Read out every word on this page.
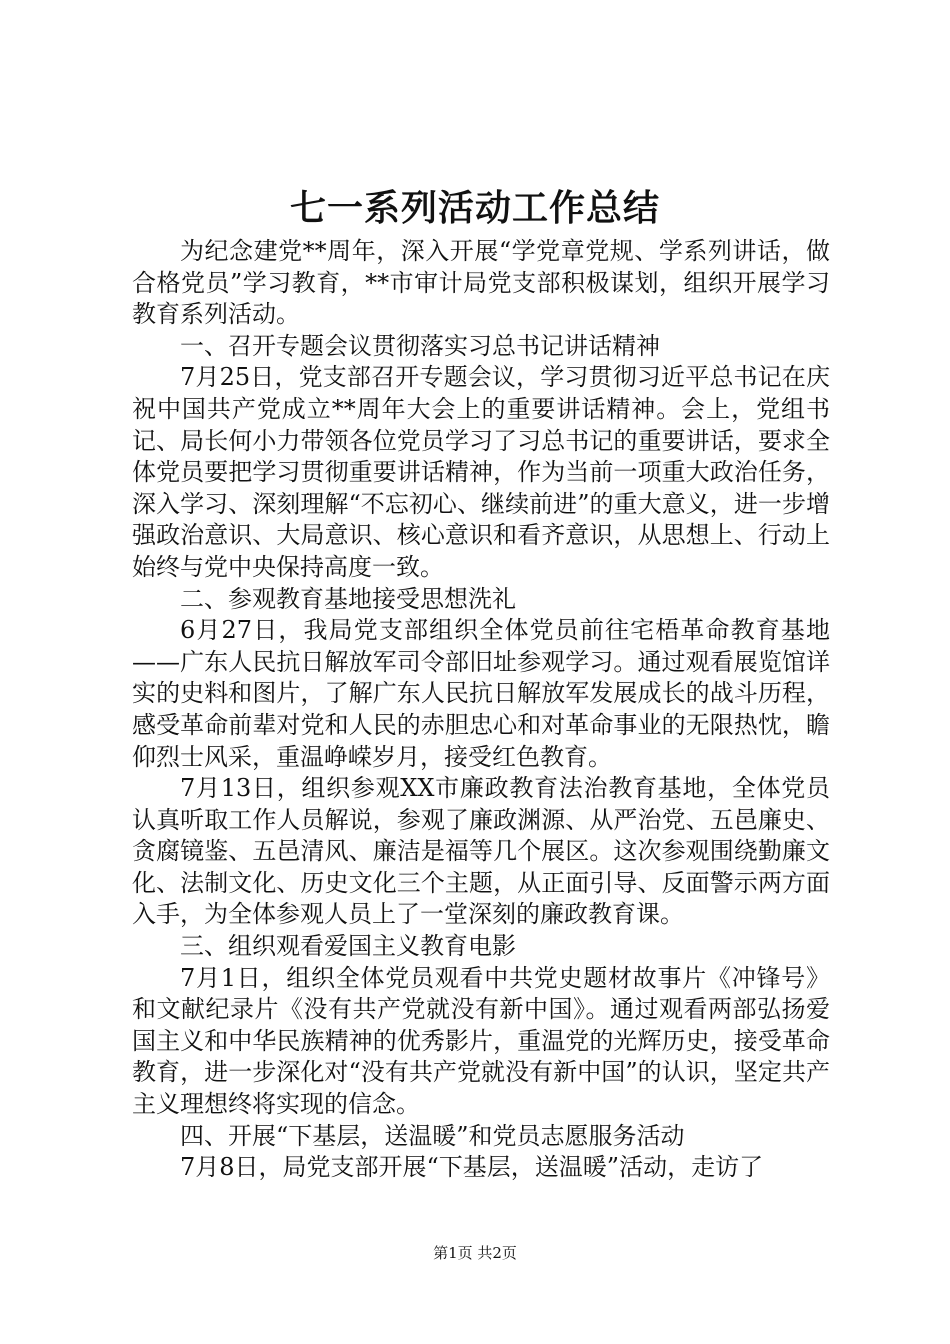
七一系列活动工作总结

为纪念建党**周年，深入开展“学党章党规、学系列讲话，做合格党员”学习教育，**市审计局党支部积极谋划，组织开展学习教育系列活动。

一、召开专题会议贯彻落实习总书记讲话精神

7月25日，党支部召开专题会议，学习贯彻习近平总书记在庆祝中国共产党成立**周年大会上的重要讲话精神。会上，党组书记、局长何小力带领各位党员学习了习总书记的重要讲话，要求全体党员要把学习贯彻重要讲话精神，作为当前一项重大政治任务，深入学习、深刻理解“不忘初心、继续前进”的重大意义，进一步增强政治意识、大局意识、核心意识和看齐意识，从思想上、行动上始终与党中央保持高度一致。

二、参观教育基地接受思想洗礼

6月27日，我局党支部组织全体党员前往宅梧革命教育基地——广东人民抗日解放军司令部旧址参观学习。通过观看展览馆详实的史料和图片，了解广东人民抗日解放军发展成长的战斗历程，感受革命前辈对党和人民的赤胆忠心和对革命事业的无限热忱，瞻仰烈士风采，重温峥嵘岁月，接受红色教育。

7月13日，组织参观XX市廉政教育法治教育基地，全体党员认真听取工作人员解说，参观了廉政渊源、从严治党、五邑廉史、贪腐镜鉴、五邑清风、廉洁是福等几个展区。这次参观围绕勤廉文化、法制文化、历史文化三个主题，从正面引导、反面警示两方面入手，为全体参观人员上了一堂深刻的廉政教育课。

三、组织观看爱国主义教育电影

7月1日，组织全体党员观看中共党史题材故事片《冲锋号》和文献纪录片《没有共产党就没有新中国》。通过观看两部弘扬爱国主义和中华民族精神的优秀影片，重温党的光辉历史，接受革命教育，进一步深化对“没有共产党就没有新中国”的认识，坚定共产主义理想终将实现的信念。

四、开展“下基层，送温暖”和党员志愿服务活动

7月8日，局党支部开展“下基层，送温暖”活动，走访了

第1页 共2页
